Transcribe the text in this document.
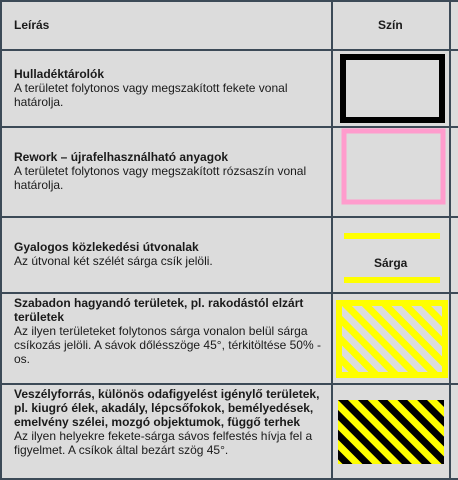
Leírás	Szín
Hulladéktárolók
A területet folytonos vagy megszakított fekete vonal határolja.
Rework – újrafelhasználható anyagok
A területet folytonos vagy megszakított rózsaszín vonal határolja.
Gyalogos közlekedési útvonalak
Az útvonal két szélét sárga csík jelöli.	Sárga
Szabadon hagyandó területek, pl. rakodástól elzárt területek
Az ilyen területeket folytonos sárga vonalon belül sárga csíkozás jelöli. A sávok dőlésszöge 45°, térkitöltése 50% -os.
Veszélyforrás, különös odafigyelést igénylő területek, pl. kiugró élek, akadály, lépcsőfokok, bemélyedések, emelvény szélei, mozgó objektumok, függő terhek
Az ilyen helyekre fekete-sárga sávos felfestés hívja fel a figyelmet. A csíkok által bezárt szög 45°.
